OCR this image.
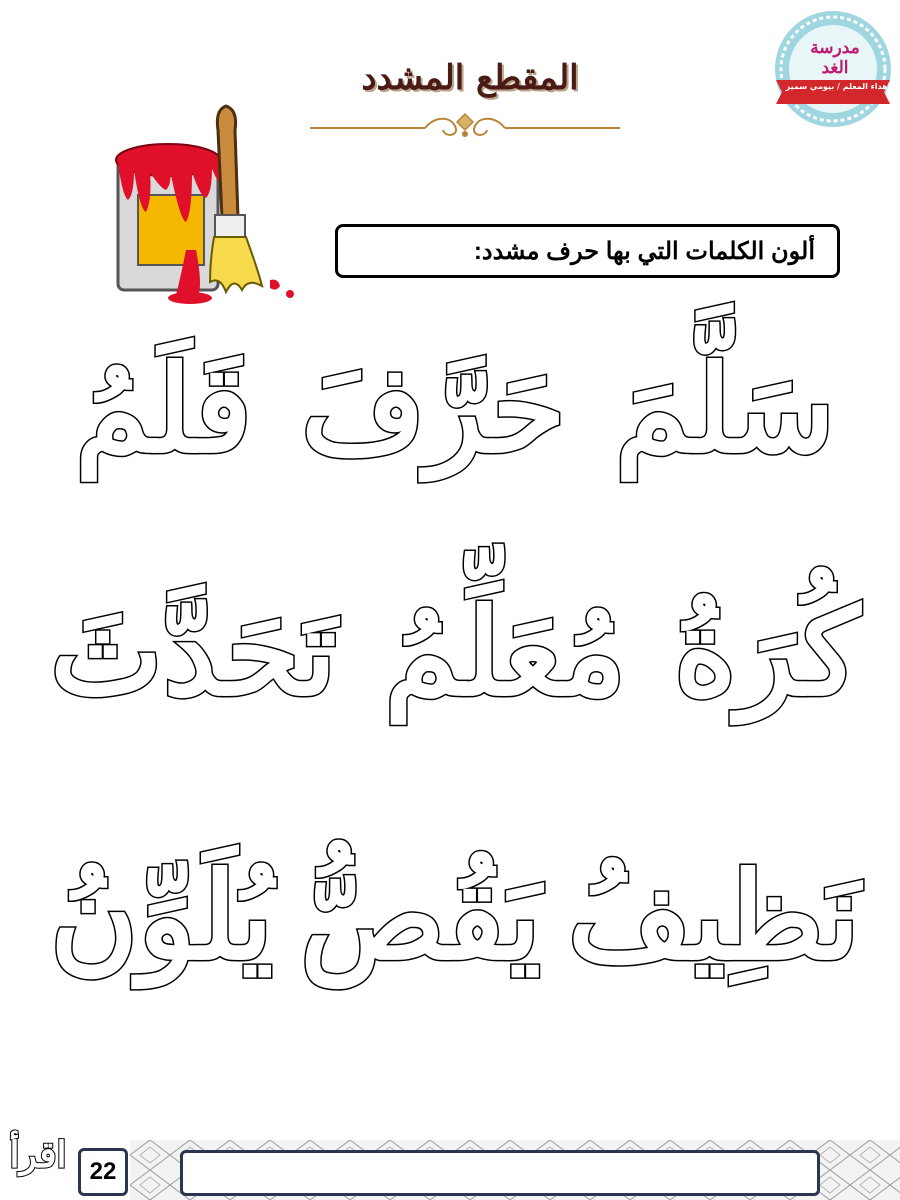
مدرسة الغد
إهداء المعلم / بيومي سمير
المقطع المشدد
ألون الكلمات التي بها حرف مشدد:
سَلَّمَ
حَرَّفَ
قَلَمُ
كُرَةُ
مُعَلِّمُ
تَحَدَّثَ
نَظِيفُ
يَقُصُّ
يُلَوِّنُ
22
اقرأ
